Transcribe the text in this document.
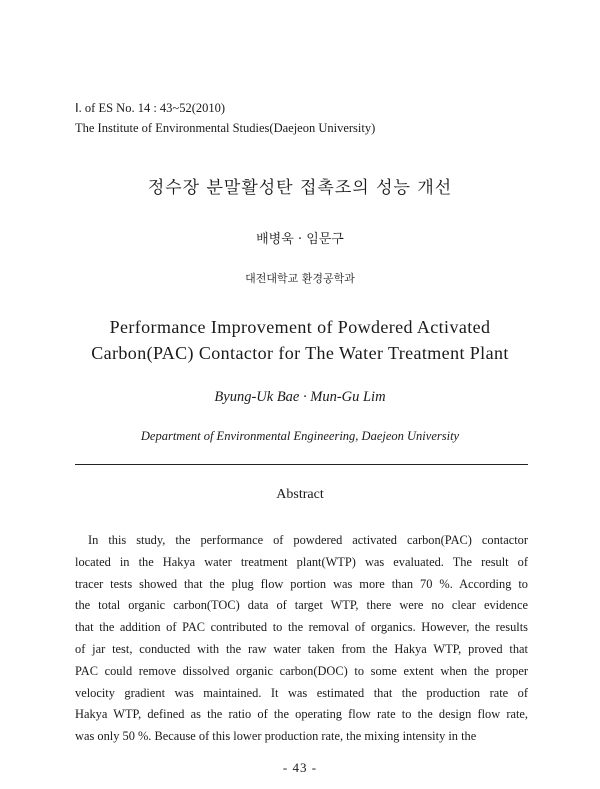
Ⅰ. of ES No. 14 : 43~52(2010)
The Institute of Environmental Studies(Daejeon University)
정수장 분말활성탄 접촉조의 성능 개선
배병욱 · 임문구
대전대학교 환경공학과
Performance Improvement of Powdered Activated
Carbon(PAC) Contactor for The Water Treatment Plant
Byung-Uk Bae · Mun-Gu Lim
Department of Environmental Engineering, Daejeon University
Abstract
In this study, the performance of powdered activated carbon(PAC) contactor
located in the Hakya water treatment plant(WTP) was evaluated. The result of
tracer tests showed that the plug flow portion was more than 70 %. According to
the total organic carbon(TOC) data of target WTP, there were no clear evidence
that the addition of PAC contributed to the removal of organics. However, the results
of jar test, conducted with the raw water taken from the Hakya WTP, proved that
PAC could remove dissolved organic carbon(DOC) to some extent when the proper
velocity gradient was maintained. It was estimated that the production rate of
Hakya WTP, defined as the ratio of the operating flow rate to the design flow rate,
was only 50 %. Because of this lower production rate, the mixing intensity in the
- 43 -
